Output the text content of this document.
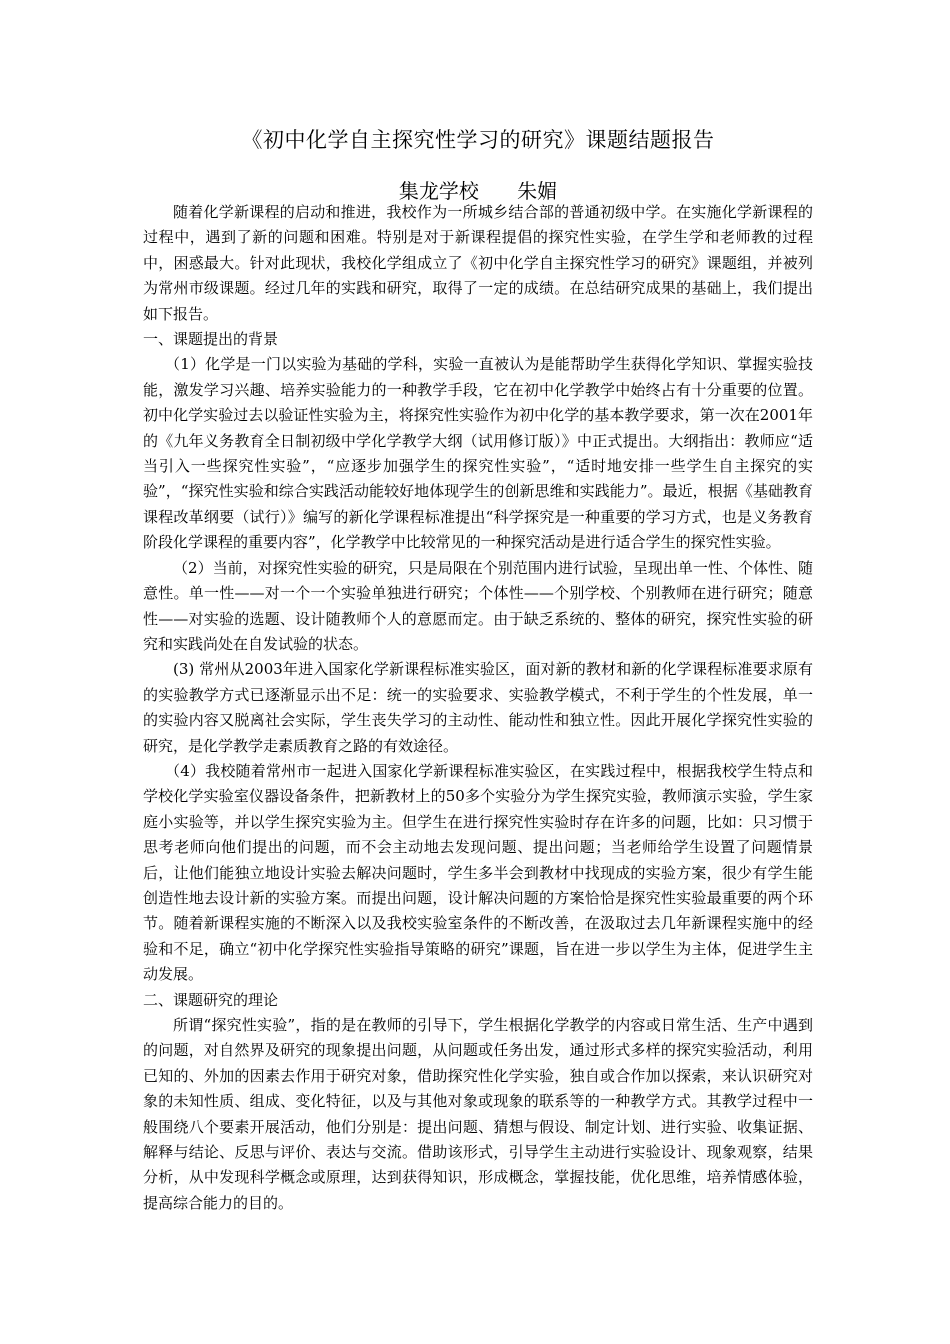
《初中化学自主探究性学习的研究》课题结题报告
集龙学校      朱媚

随着化学新课程的启动和推进，我校作为一所城乡结合部的普通初级中学。在实施化学新课程的过程中，遇到了新的问题和困难。特别是对于新课程提倡的探究性实验，在学生学和老师教的过程中，困惑最大。针对此现状，我校化学组成立了《初中化学自主探究性学习的研究》课题组，并被列为常州市级课题。经过几年的实践和研究，取得了一定的成绩。在总结研究成果的基础上，我们提出如下报告。

一、课题提出的背景

（1）化学是一门以实验为基础的学科，实验一直被认为是能帮助学生获得化学知识、掌握实验技能，激发学习兴趣、培养实验能力的一种教学手段，它在初中化学教学中始终占有十分重要的位置。初中化学实验过去以验证性实验为主，将探究性实验作为初中化学的基本教学要求，第一次在2001年的《九年义务教育全日制初级中学化学教学大纲（试用修订版）》中正式提出。大纲指出：教师应“适当引入一些探究性实验”，“应逐步加强学生的探究性实验”，“适时地安排一些学生自主探究的实验”，“探究性实验和综合实践活动能较好地体现学生的创新思维和实践能力”。最近，根据《基础教育课程改革纲要（试行）》编写的新化学课程标准提出“科学探究是一种重要的学习方式，也是义务教育阶段化学课程的重要内容”，化学教学中比较常见的一种探究活动是进行适合学生的探究性实验。

（2）当前，对探究性实验的研究，只是局限在个别范围内进行试验，呈现出单一性、个体性、随意性。单一性——对一个一个实验单独进行研究；个体性——个别学校、个别教师在进行研究；随意性——对实验的选题、设计随教师个人的意愿而定。由于缺乏系统的、整体的研究，探究性实验的研究和实践尚处在自发试验的状态。

(3) 常州从2003年进入国家化学新课程标准实验区，面对新的教材和新的化学课程标准要求原有的实验教学方式已逐渐显示出不足：统一的实验要求、实验教学模式，不利于学生的个性发展，单一的实验内容又脱离社会实际，学生丧失学习的主动性、能动性和独立性。因此开展化学探究性实验的研究，是化学教学走素质教育之路的有效途径。

（4）我校随着常州市一起进入国家化学新课程标准实验区，在实践过程中，根据我校学生特点和学校化学实验室仪器设备条件，把新教材上的50多个实验分为学生探究实验，教师演示实验，学生家庭小实验等，并以学生探究实验为主。但学生在进行探究性实验时存在许多的问题，比如：只习惯于思考老师向他们提出的问题，而不会主动地去发现问题、提出问题；当老师给学生设置了问题情景后，让他们能独立地设计实验去解决问题时，学生多半会到教材中找现成的实验方案，很少有学生能创造性地去设计新的实验方案。而提出问题，设计解决问题的方案恰恰是探究性实验最重要的两个环节。随着新课程实施的不断深入以及我校实验室条件的不断改善，在汲取过去几年新课程实施中的经验和不足，确立“初中化学探究性实验指导策略的研究”课题，旨在进一步以学生为主体，促进学生主动发展。

二、课题研究的理论

所谓“探究性实验”，指的是在教师的引导下，学生根据化学教学的内容或日常生活、生产中遇到的问题，对自然界及研究的现象提出问题，从问题或任务出发，通过形式多样的探究实验活动，利用已知的、外加的因素去作用于研究对象，借助探究性化学实验，独自或合作加以探索，来认识研究对象的未知性质、组成、变化特征，以及与其他对象或现象的联系等的一种教学方式。其教学过程中一般围绕八个要素开展活动，他们分别是：提出问题、猜想与假设、制定计划、进行实验、收集证据、解释与结论、反思与评价、表达与交流。借助该形式，引导学生主动进行实验设计、现象观察，结果分析，从中发现科学概念或原理，达到获得知识，形成概念，掌握技能，优化思维，培养情感体验，提高综合能力的目的。
